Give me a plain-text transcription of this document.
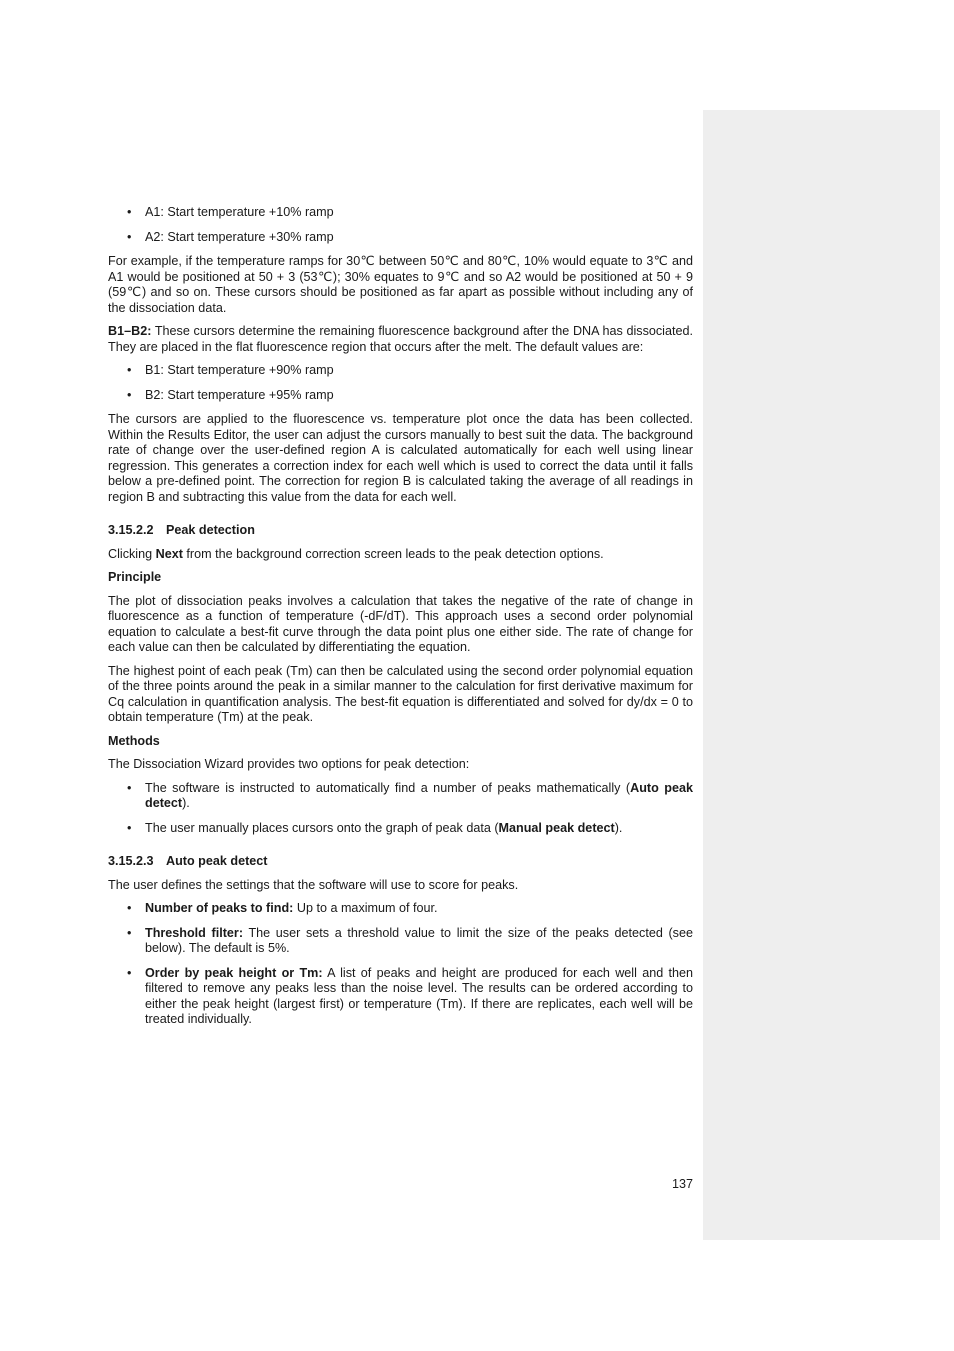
• A1: Start temperature +10% ramp
• A2: Start temperature +30% ramp

For example, if the temperature ramps for 30℃ between 50℃ and 80℃, 10% would equate to 3℃ and A1 would be positioned at 50 + 3 (53℃); 30% equates to 9℃ and so A2 would be positioned at 50 + 9 (59℃) and so on. These cursors should be positioned as far apart as possible without including any of the dissociation data.

B1–B2: These cursors determine the remaining fluorescence background after the DNA has dissociated. They are placed in the flat fluorescence region that occurs after the melt. The default values are:

• B1: Start temperature +90% ramp
• B2: Start temperature +95% ramp

The cursors are applied to the fluorescence vs. temperature plot once the data has been collected. Within the Results Editor, the user can adjust the cursors manually to best suit the data. The background rate of change over the user-defined region A is calculated automatically for each well using linear regression. This generates a correction index for each well which is used to correct the data until it falls below a pre-defined point. The correction for region B is calculated taking the average of all readings in region B and subtracting this value from the data for each well.

3.15.2.2 Peak detection

Clicking Next from the background correction screen leads to the peak detection options.

Principle

The plot of dissociation peaks involves a calculation that takes the negative of the rate of change in fluorescence as a function of temperature (-dF/dT). This approach uses a second order polynomial equation to calculate a best-fit curve through the data point plus one either side. The rate of change for each value can then be calculated by differentiating the equation.

The highest point of each peak (Tm) can then be calculated using the second order polynomial equation of the three points around the peak in a similar manner to the calculation for first derivative maximum for Cq calculation in quantification analysis. The best-fit equation is differentiated and solved for dy/dx = 0 to obtain temperature (Tm) at the peak.

Methods

The Dissociation Wizard provides two options for peak detection:

• The software is instructed to automatically find a number of peaks mathematically (Auto peak detect).
• The user manually places cursors onto the graph of peak data (Manual peak detect).
3.15.2.3 Auto peak detect

The user defines the settings that the software will use to score for peaks.

• Number of peaks to find: Up to a maximum of four.
• Threshold filter: The user sets a threshold value to limit the size of the peaks detected (see below). The default is 5%.
• Order by peak height or Tm: A list of peaks and height are produced for each well and then filtered to remove any peaks less than the noise level. The results can be ordered according to either the peak height (largest first) or temperature (Tm). If there are replicates, each well will be treated individually.
137
